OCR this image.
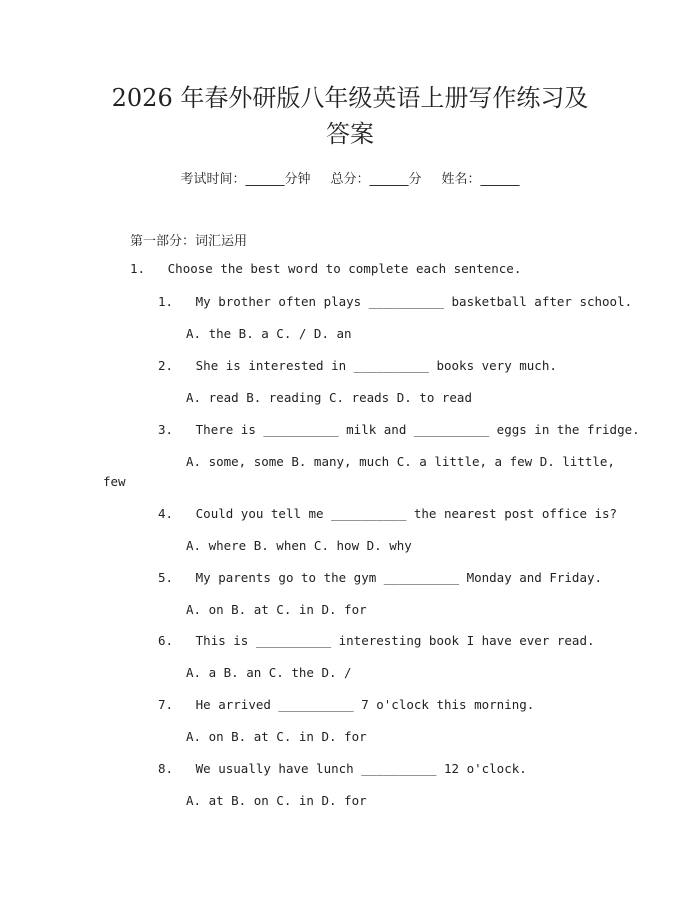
2026 年春外研版八年级英语上册写作练习及
答案
考试时间：______分钟 总分：______分 姓名：______
第一部分：词汇运用
1. Choose the best word to complete each sentence.
1. My brother often plays __________ basketball after school.
A. the B. a C. / D. an
2. She is interested in __________ books very much.
A. read B. reading C. reads D. to read
3. There is __________ milk and __________ eggs in the fridge.
A. some, some B. many, much C. a little, a few D. little,
few
4. Could you tell me __________ the nearest post office is?
A. where B. when C. how D. why
5. My parents go to the gym __________ Monday and Friday.
A. on B. at C. in D. for
6. This is __________ interesting book I have ever read.
A. a B. an C. the D. /
7. He arrived __________ 7 o'clock this morning.
A. on B. at C. in D. for
8. We usually have lunch __________ 12 o'clock.
A. at B. on C. in D. for
